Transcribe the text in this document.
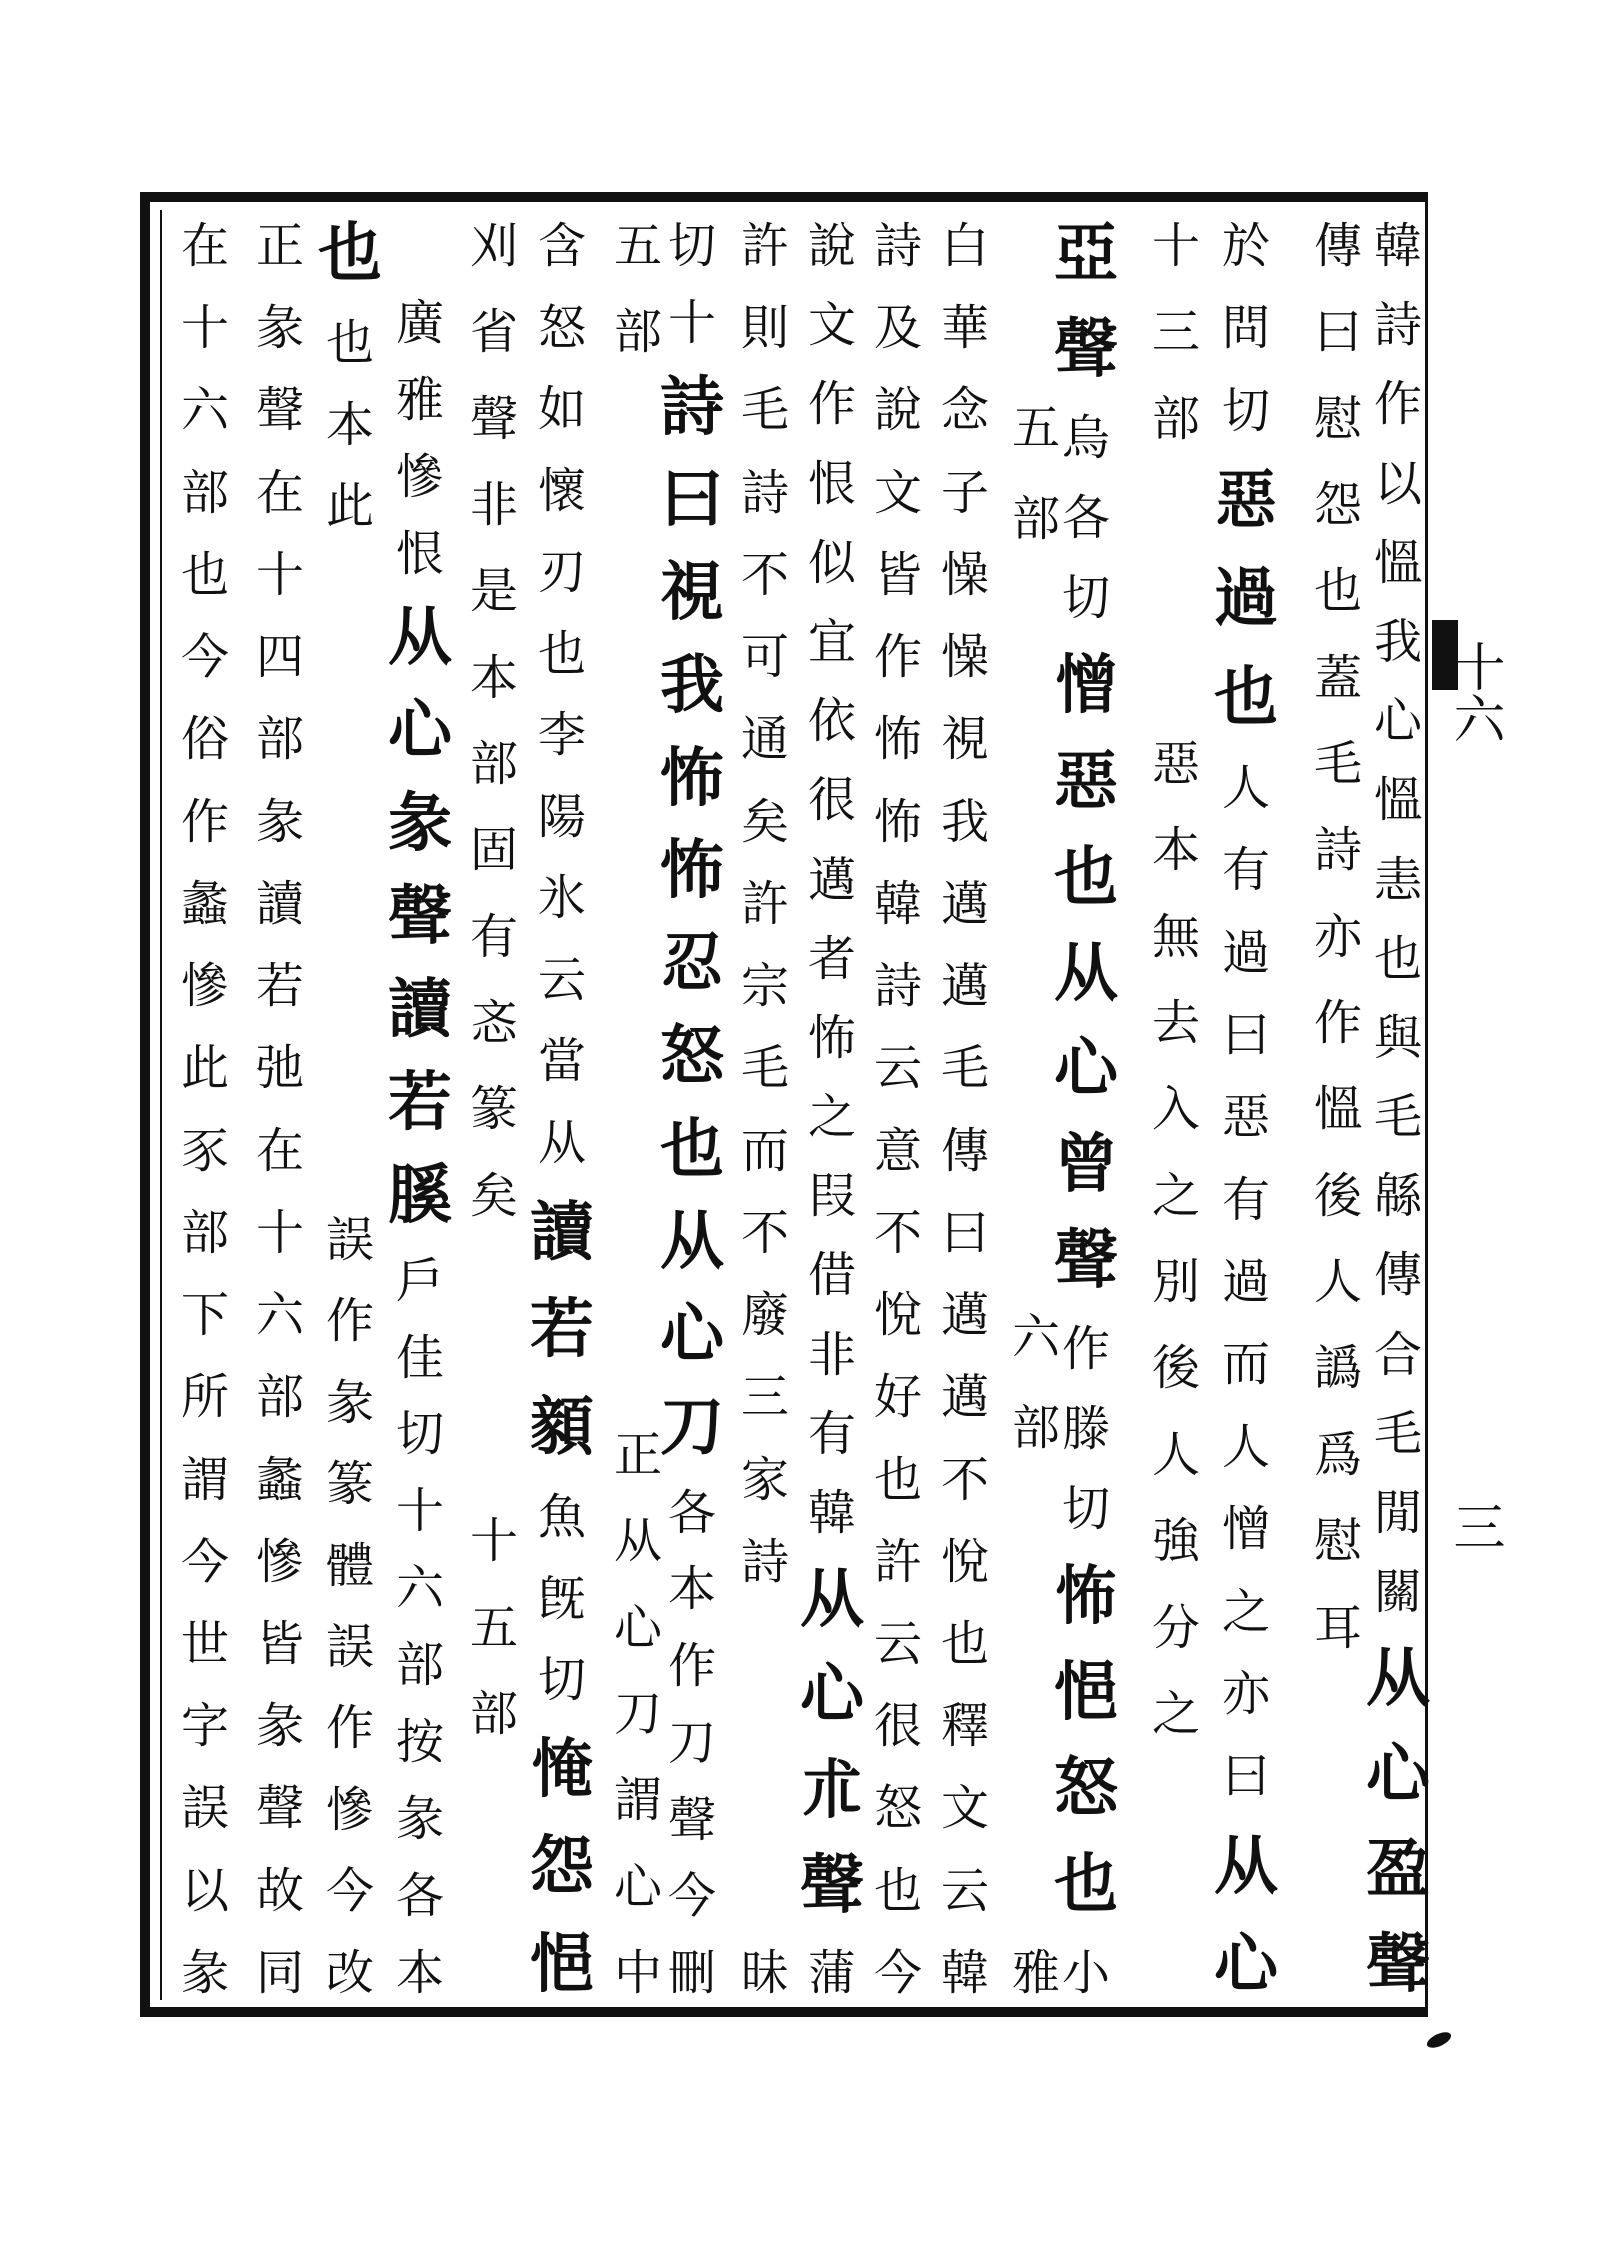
十六
三
韓
詩
作
以
慍
我
心
慍
恚
也
與
毛
緜
傳
合
毛
閒
關
从
心
盈
聲
傳
曰
慰
怨
也
蓋
毛
詩
亦
作
慍
後
人
譌
爲
慰
耳

於
問
切
惡
過
也
人
有
過
曰
惡
有
過
而
人
憎
之
亦
曰
从
心
十
三
部

惡
本
無
去
入
之
別
後
人
強
分
之

亞
聲
烏
各
切
憎
惡
也
从
心
曾
聲
作
滕
切
怖
悒
怒
也
小

五
部

六
部

雅
白
華
念
子
懆
懆
視
我
邁
邁
毛
傳
曰
邁
邁
不
悅
也
釋
文
云
韓
詩
及
說
文
皆
作
怖
怖
韓
詩
云
意
不
悅
好
也
許
云
很
怒
也
今
說
文
作
恨
似
宜
依
很
邁
者
怖
之
叚
借
非
有
韓
从
心
朮
聲
蒲
許
則
毛
詩
不
可
通
矣
許
宗
毛
而
不
廢
三
家
詩

昧
切
十
詩
曰
視
我
怖
怖
忍
怒
也
从
心
刀
各
本
作
刀
聲
今
刪
五
部

正
从
心
刀
謂
心
中
含
怒
如
懷
刃
也
李
陽
氷
云
當
从
讀
若
顡
魚
旣
切
㤿
怨
悒
刈
省
聲
非
是
本
部
固
有
忞
篆
矣

十
五
部

廣
雅
慘
恨
从
心
彖
聲
讀
若
膎
戶
佳
切
十
六
部
按
彖
各
本
也
也
本
此

誤
作
彖
篆
體
誤
作
慘
今
改
正
彖
聲
在
十
四
部
彖
讀
若
弛
在
十
六
部
蠡
慘
皆
彖
聲
故
同
在
十
六
部
也
今
俗
作
蠡
慘
此
豕
部
下
所
謂
今
世
字
誤
以
彖
